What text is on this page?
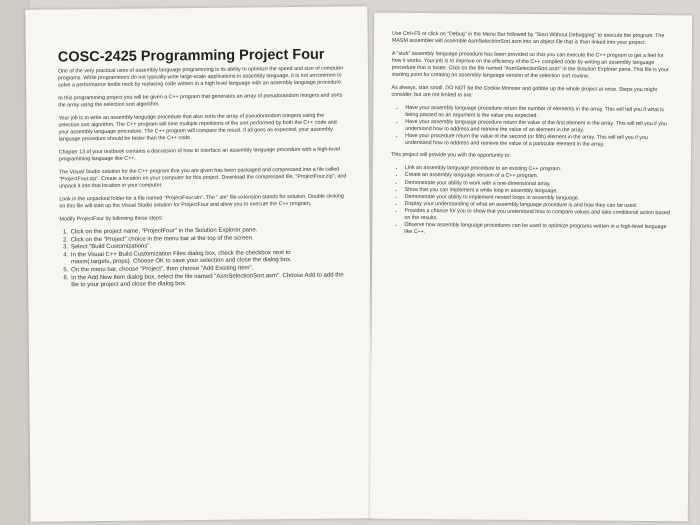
COSC-2425 Programming Project Four

One of the very practical uses of assembly language programming is its ability to optimize the speed and size of computer programs. While programmers do not typically write large-scale applications in assembly language, it is not uncommon to solve a performance bottle neck by replacing code written in a high level language with an assembly language procedure.

In this programming project you will be given a C++ program that generates an array of pseudorandom integers and sorts the array using the selection sort algorithm.

Your job is to write an assembly language procedure that also sorts the array of pseudorandom integers using the selection sort algorithm. The C++ program will time multiple repetitions of the sort performed by both the C++ code and your assembly language procedure. The C++ program will compare the result. If all goes as expected, your assembly language procedure should be faster than the C++ code.

Chapter 13 of your textbook contains a discussion of how to interface an assembly language procedure with a high-level programming language like C++.

The Visual Studio solution for the C++ program that you are given has been packaged and compressed into a file called "ProjectFour.zip". Create a location on your computer for this project. Download the compressed file, "ProjectFour.zip", and unpack it into that location in your computer.

Look in the unpacked folder for a file named "ProjectFour.sln". The ".sln" file extension stands for solution. Double clicking on this file will start up the Visual Studio solution for ProjectFour and allow you to execute the C++ program.

Modify ProjectFour by following these steps:

1. Click on the project name, "ProjectFour" in the Solution Explorer pane.
2. Click on the "Project" choice in the menu bar at the top of the screen.
3. Select "Build Customizations".
4. In the Visual C++ Build Customization Files dialog box, check the checkbox next to masm(.targets,.props). Choose OK to save your selection and close the dialog box.
5. On the menu bar, choose "Project", then choose "Add Existing Item".
6. In the Add New Item dialog box, select the file named "AsmSelectionSort.asm". Choose Add to add the file to your project and close the dialog box.

Use Ctrl+F5 or click on "Debug" in the Menu Bar followed by "Start Without Debugging" to execute the program. The MASM assembler will assemble AsmSelectionSort.asm into an object file that is then linked into your project.

A "stub" assembly language procedure has been provided so that you can execute the C++ program to get a feel for how it works. Your job is to improve on the efficiency of the C++ compiled code by writing an assembly language procedure that is faster. Click on the file named "AsmSelectionSort.asm" in the Solution Explorer pane. This file is your starting point for creating an assembly language version of the selection sort routine.

As always, start small. DO NOT be the Cookie Monster and gobble up the whole project at once. Steps you might consider, but are not limited to are:

• Have your assembly language procedure return the number of elements in the array. This will tell you if what is being passed as an argument is the value you expected.
• Have your assembly language procedure return the value of the first element in the array. This will tell you if you understand how to address and retrieve the value of an element in the array.
• Have your procedure return the value of the second (or fifth) element in the array. This will tell you if you understand how to address and retrieve the value of a particular element in the array.

This project will provide you with the opportunity to:

• Link an assembly language procedure to an existing C++ program.
• Create an assembly language version of a C++ program.
• Demonstrate your ability to work with a one-dimensional array.
• Show that you can implement a while loop in assembly language.
• Demonstrate your ability to implement nested loops in assembly language.
• Display your understanding of what an assembly language procedure is and how they can be used.
• Provides a chance for you to show that you understand how to compare values and take conditional action based on the results.
• Observe how assembly language procedures can be used to optimize programs written in a high-level language like C++.
